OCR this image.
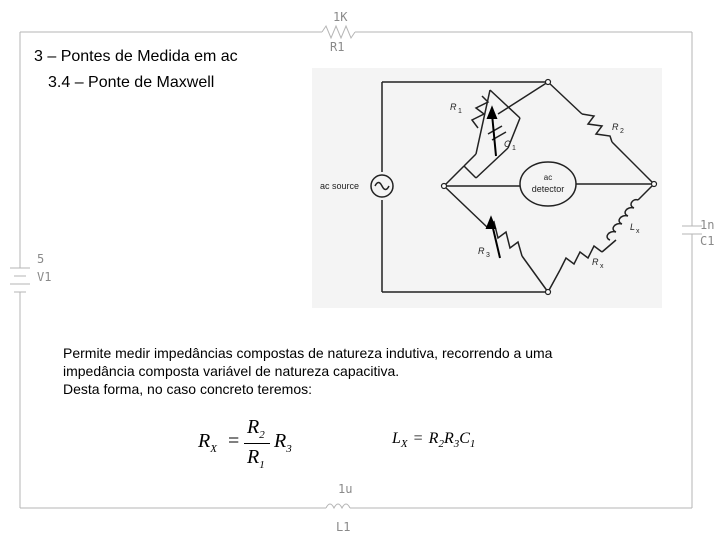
1K
R1
1n
C1
5
V1
1u
L1
3 – Pontes de Medida em ac
3.4 – Ponte de Maxwell
ac source
ac
detector
R 1
C 1
R 2
R 3
L x
R x
Permite medir impedâncias compostas de natureza indutiva, recorrendo a uma
impedância composta variável de natureza capacitiva.
Desta forma, no caso concreto teremos:
$R_X$ =
$R_2$
$R_1$
$R_3$
$L_X = R_2R_3C_1$
